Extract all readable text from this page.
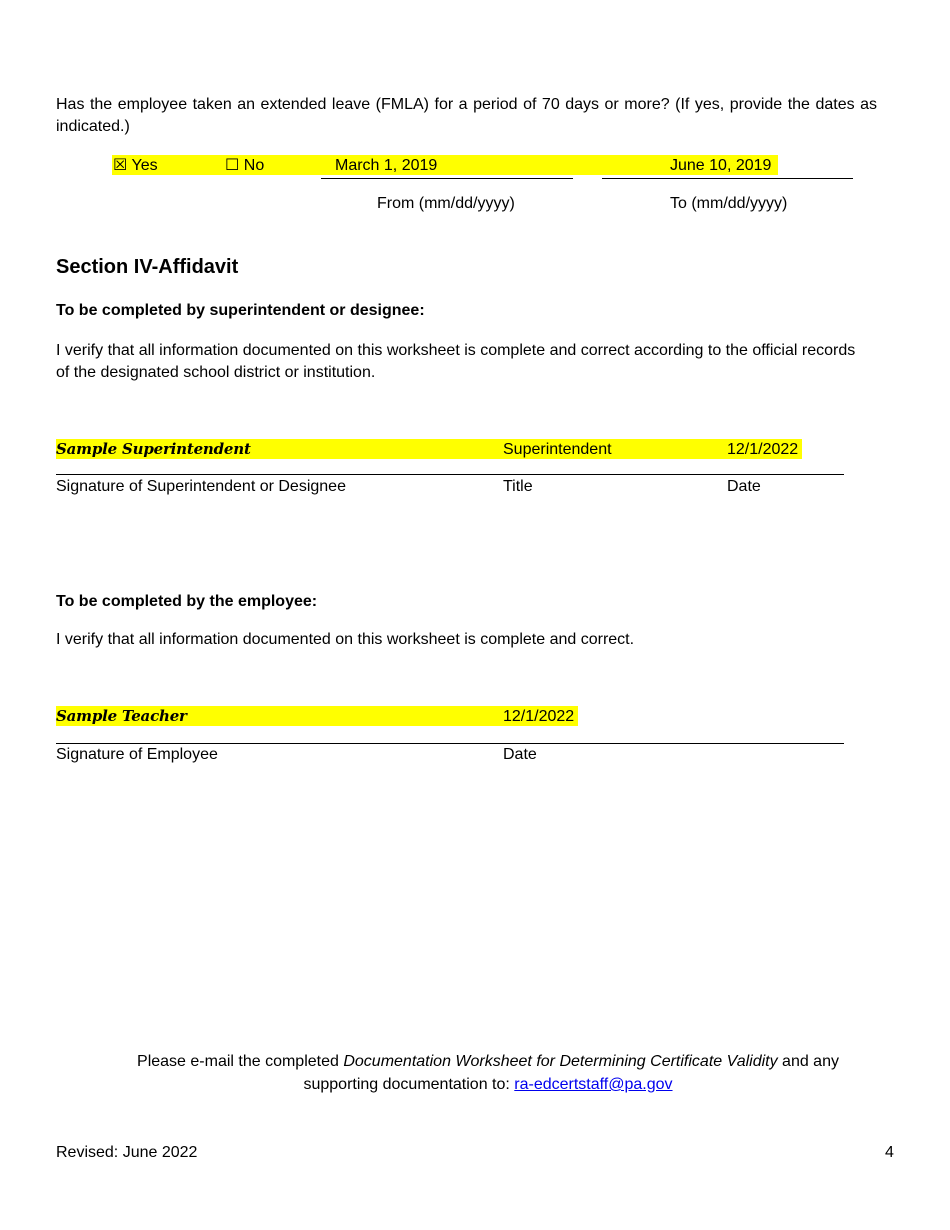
Has the employee taken an extended leave (FMLA) for a period of 70 days or more? (If yes, provide the dates as indicated.)
☒ Yes	☐ No	March 1, 2019	June 10, 2019
From (mm/dd/yyyy)	To (mm/dd/yyyy)
Section IV-Affidavit
To be completed by superintendent or designee:
I verify that all information documented on this worksheet is complete and correct according to the official records of the designated school district or institution.
Sample Superintendent	Superintendent	12/1/2022
Signature of Superintendent or Designee	Title	Date
To be completed by the employee:
I verify that all information documented on this worksheet is complete and correct.
Sample Teacher	12/1/2022
Signature of Employee	Date
Please e-mail the completed Documentation Worksheet for Determining Certificate Validity and any
supporting documentation to: ra-edcertstaff@pa.gov
Revised: June 2022	4
